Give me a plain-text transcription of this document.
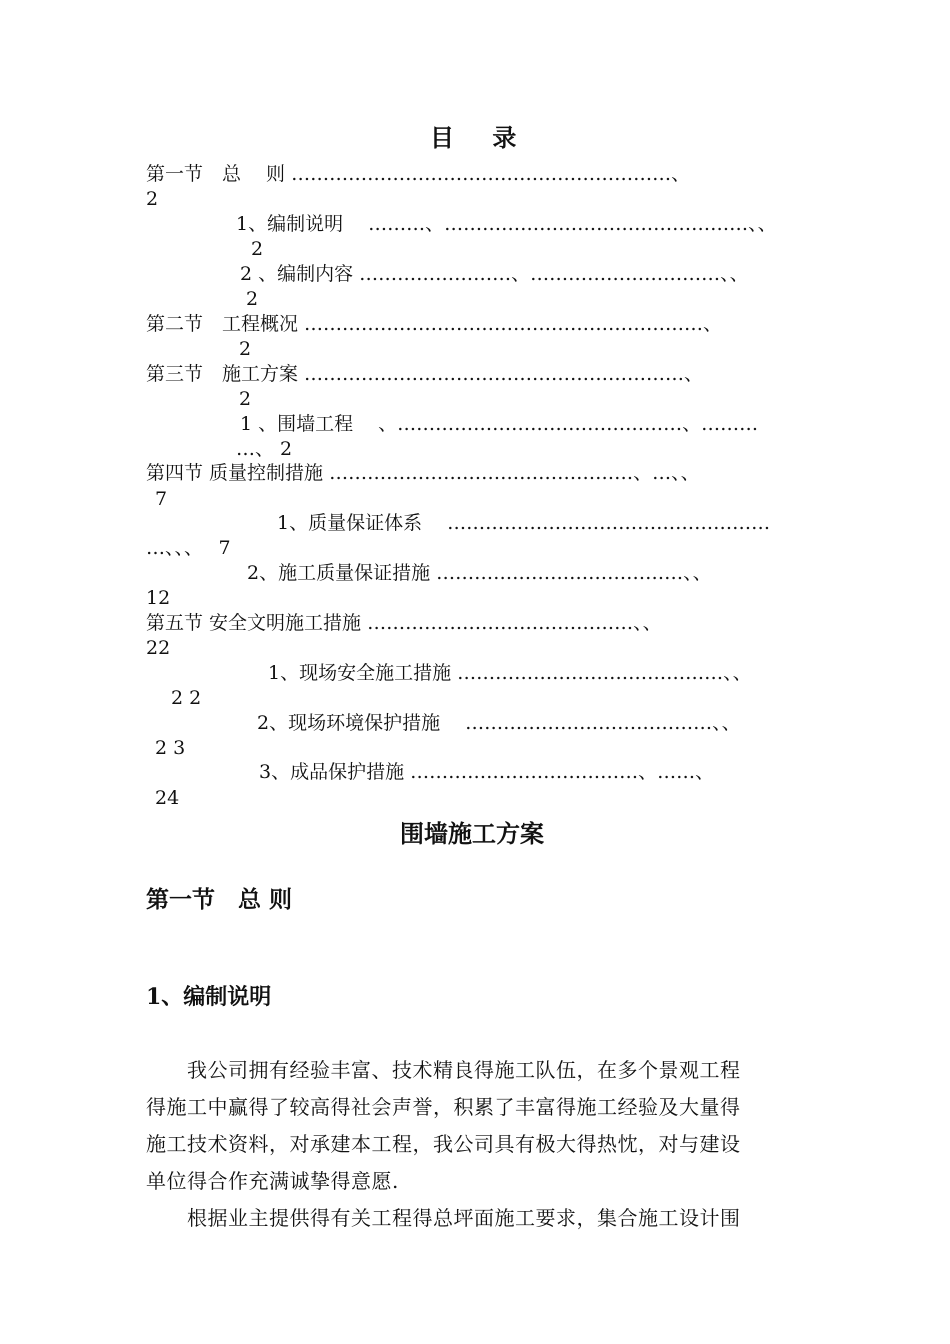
目 录
第一节　总　 则 ……………………………………………………、
2
1、编制说明 　………、…………………………………………、、
2
2 、编制内容 ……………………、…………………………、、
2
第二节　工程概况 ………………………………………………………、
2
第三节　施工方案 ……………………………………………………、
2
1 、围墙工程　 、………………………………………、………
…、 2
第四节 质量控制措施 …………………………………………、…、、
7
1、质量保证体系　 ……………………………………………
…、、、　 7
2、施工质量保证措施 …………………………………、、
12
第五节 安全文明施工措施 ……………………………………、、
22
1、现场安全施工措施 ……………………………………、、
2 2
2、现场环境保护措施 　…………………………………、、
2 3
3、成品保护措施 ………………………………、……、
24
围墙施工方案
第一节　总 则
1、编制说明
　　我公司拥有经验丰富、技术精良得施工队伍，在多个景观工程
得施工中赢得了较高得社会声誉，积累了丰富得施工经验及大量得
施工技术资料，对承建本工程，我公司具有极大得热忱，对与建设
单位得合作充满诚挚得意愿.
　　根据业主提供得有关工程得总坪面施工要求，集合施工设计围
